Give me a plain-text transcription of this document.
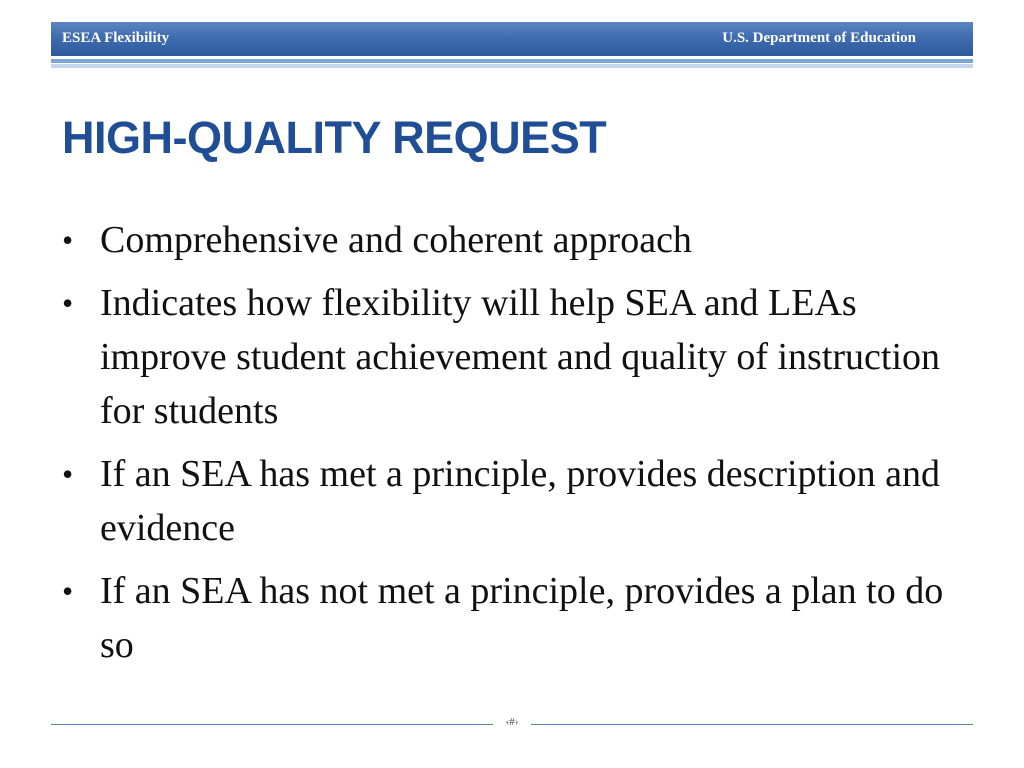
ESEA Flexibility	U.S. Department of Education
HIGH-QUALITY REQUEST
• Comprehensive and coherent approach
• Indicates how flexibility will help SEA and LEAs improve student achievement and quality of instruction for students
• If an SEA has met a principle, provides description and evidence
• If an SEA has not met a principle, provides a plan to do so
‹#›
